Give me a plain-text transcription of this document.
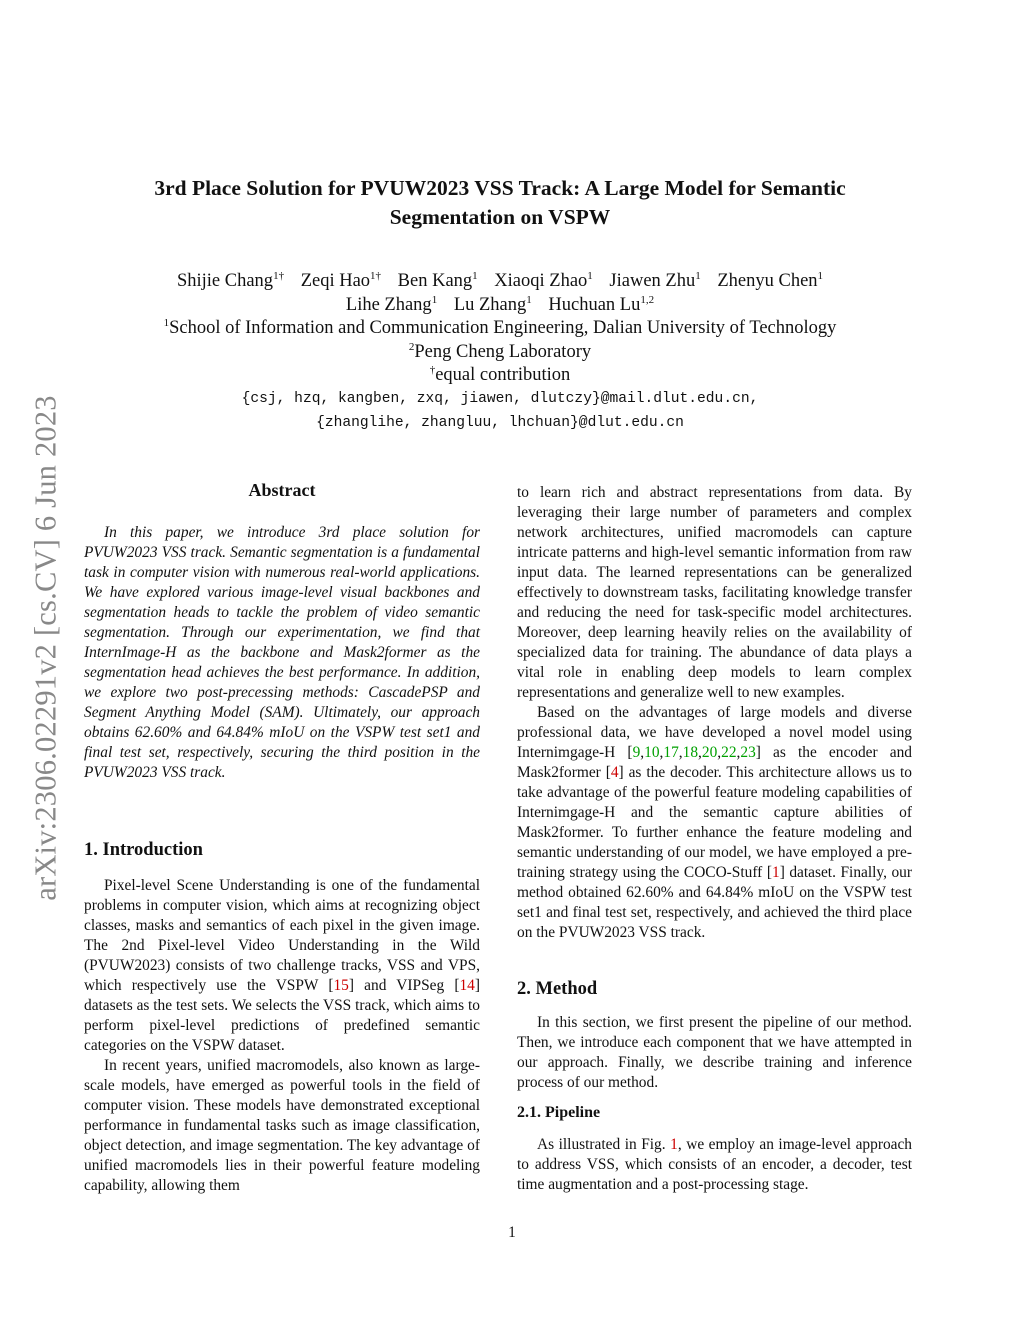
arXiv:2306.02291v2 [cs.CV] 6 Jun 2023
3rd Place Solution for PVUW2023 VSS Track: A Large Model for Semantic Segmentation on VSPW
Shijie Chang$^{1\dagger}$ Zeqi Hao$^{1\dagger}$ Ben Kang$^1$ Xiaoqi Zhao$^1$ Jiawen Zhu$^1$ Zhenyu Chen$^1$
Lihe Zhang$^1$ Lu Zhang$^1$ Huchuan Lu$^{1,2}$
$^1$School of Information and Communication Engineering, Dalian University of Technology
$^2$Peng Cheng Laboratory
†equal contribution
{csj, hzq, kangben, zxq, jiawen, dlutczy}@mail.dlut.edu.cn,
{zhanglihe, zhangluu, lhchuan}@dlut.edu.cn
Abstract

In this paper, we introduce 3rd place solution for PVUW2023 VSS track. Semantic segmentation is a fundamental task in computer vision with numerous real-world applications. We have explored various image-level visual backbones and segmentation heads to tackle the problem of video semantic segmentation. Through our experimentation, we find that InternImage-H as the backbone and Mask2former as the segmentation head achieves the best performance. In addition, we explore two post-precessing methods: CascadePSP and Segment Anything Model (SAM). Ultimately, our approach obtains 62.60% and 64.84% mIoU on the VSPW test set1 and final test set, respectively, securing the third position in the PVUW2023 VSS track.

1. Introduction

Pixel-level Scene Understanding is one of the fundamental problems in computer vision, which aims at recognizing object classes, masks and semantics of each pixel in the given image. The 2nd Pixel-level Video Understanding in the Wild (PVUW2023) consists of two challenge tracks, VSS and VPS, which respectively use the VSPW [15] and VIPSeg [14] datasets as the test sets. We selects the VSS track, which aims to perform pixel-level predictions of predefined semantic categories on the VSPW dataset.

In recent years, unified macromodels, also known as large-scale models, have emerged as powerful tools in the field of computer vision. These models have demonstrated exceptional performance in fundamental tasks such as image classification, object detection, and image segmentation. The key advantage of unified macromodels lies in their powerful feature modeling capability, allowing them

to learn rich and abstract representations from data. By leveraging their large number of parameters and complex network architectures, unified macromodels can capture intricate patterns and high-level semantic information from raw input data. The learned representations can be generalized effectively to downstream tasks, facilitating knowledge transfer and reducing the need for task-specific model architectures. Moreover, deep learning heavily relies on the availability of specialized data for training. The abundance of data plays a vital role in enabling deep models to learn complex representations and generalize well to new examples.

Based on the advantages of large models and diverse professional data, we have developed a novel model using Internimgage-H [9,10,17,18,20,22,23] as the encoder and Mask2former [4] as the decoder. This architecture allows us to take advantage of the powerful feature modeling capabilities of Internimgage-H and the semantic capture abilities of Mask2former. To further enhance the feature modeling and semantic understanding of our model, we have employed a pre-training strategy using the COCO-Stuff [1] dataset. Finally, our method obtained 62.60% and 64.84% mIoU on the VSPW test set1 and final test set, respectively, and achieved the third place on the PVUW2023 VSS track.

2. Method

In this section, we first present the pipeline of our method. Then, we introduce each component that we have attempted in our approach. Finally, we describe training and inference process of our method.

2.1. Pipeline

As illustrated in Fig. 1, we employ an image-level approach to address VSS, which consists of an encoder, a decoder, test time augmentation and a post-processing stage.

1
